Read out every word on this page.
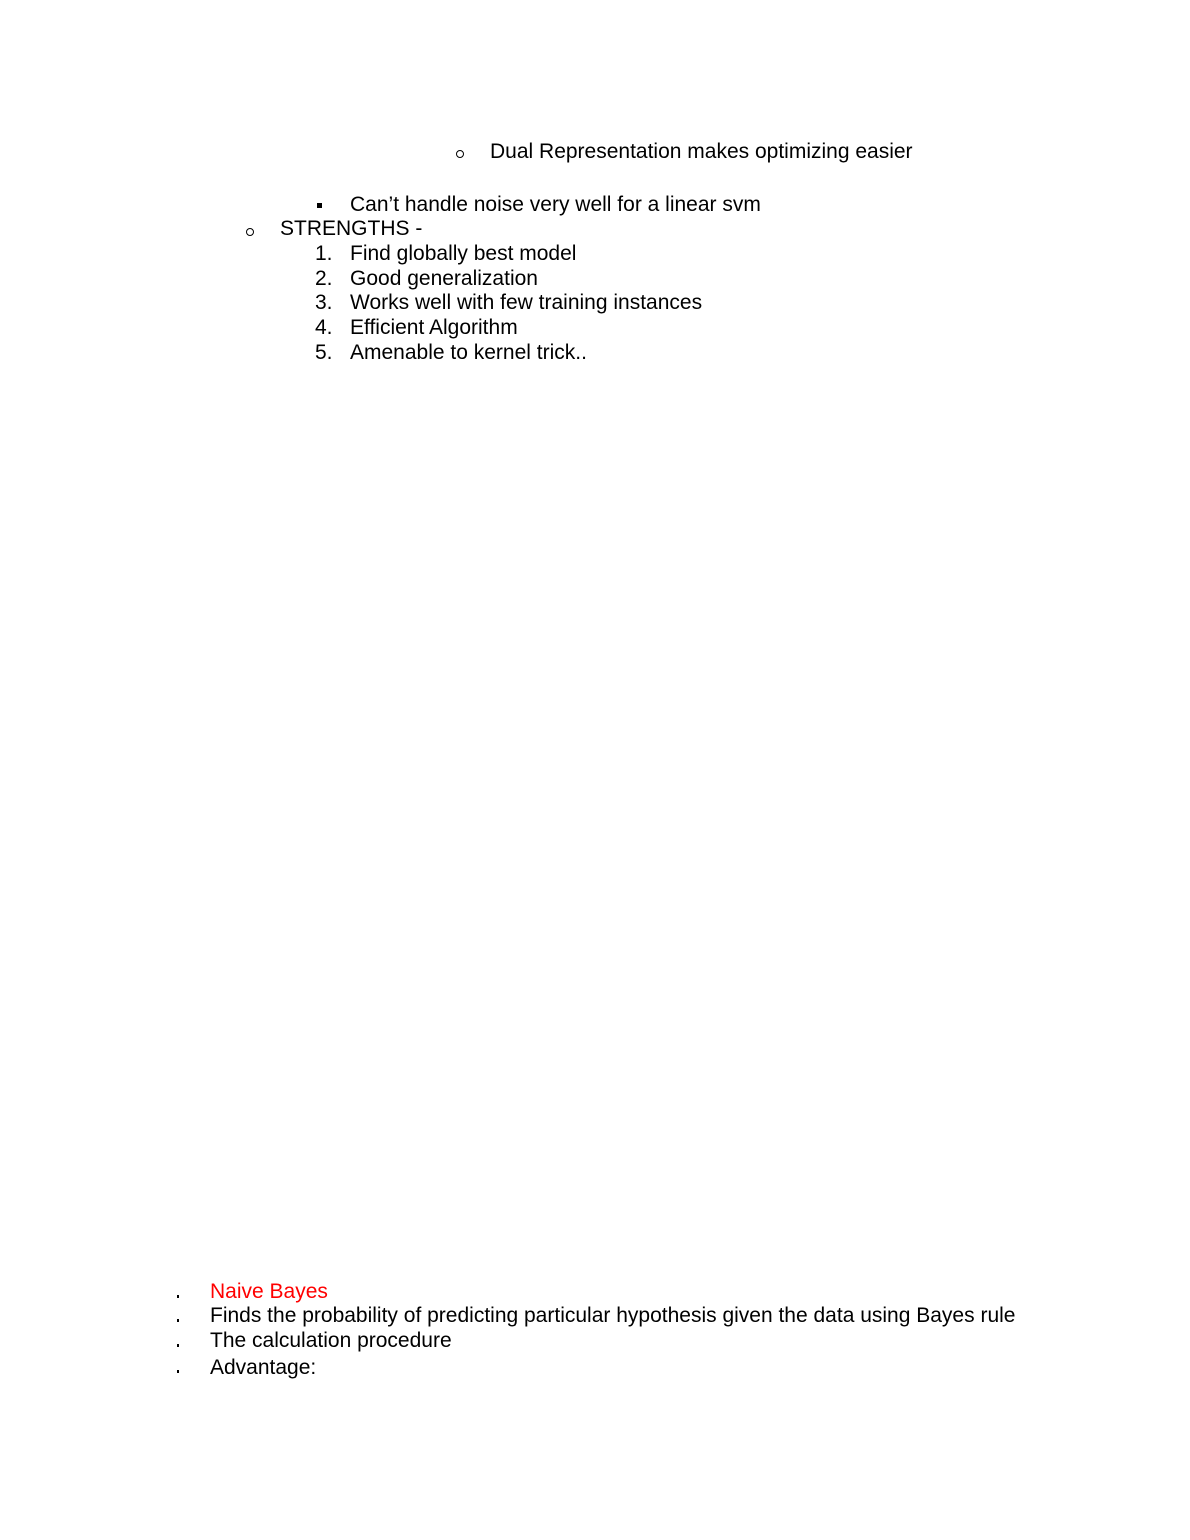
Dual Representation makes optimizing easier
Can’t handle noise very well for a linear svm
STRENGTHS -
1. Find globally best model
2. Good generalization
3. Works well with few training instances
4. Efficient Algorithm
5. Amenable to kernel trick..
Naive Bayes
Finds the probability of predicting particular hypothesis given the data using Bayes rule
The calculation procedure
Advantage:
